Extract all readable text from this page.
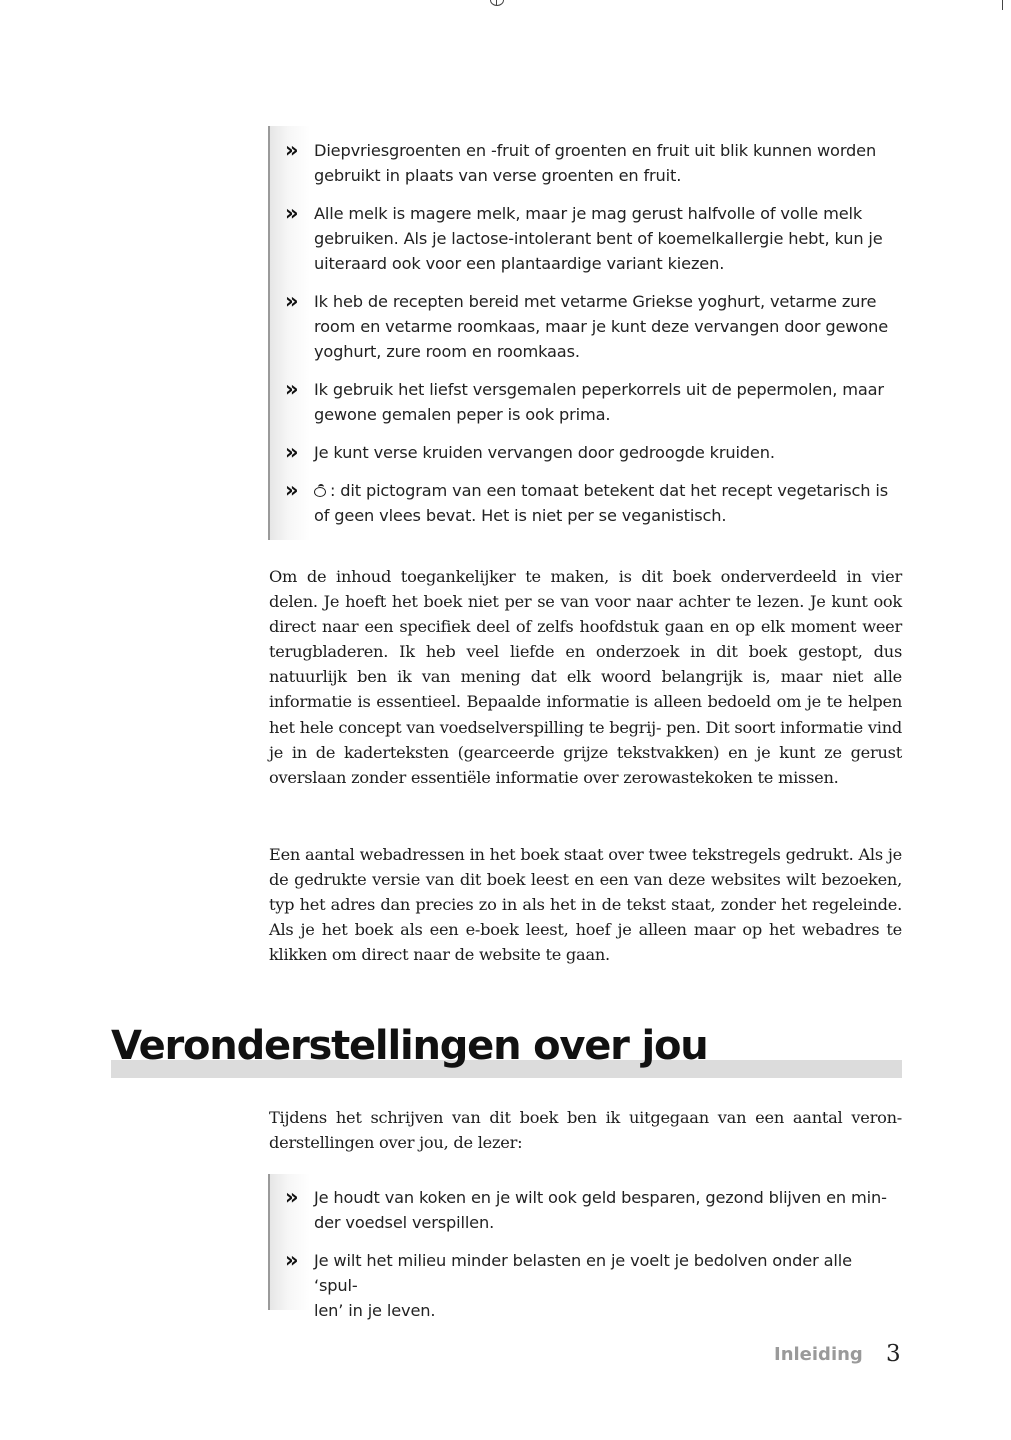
» Diepvriesgroenten en -fruit of groenten en fruit uit blik kunnen worden
gebruikt in plaats van verse groenten en fruit.
» Alle melk is magere melk, maar je mag gerust halfvolle of volle melk
gebruiken. Als je lactose-intolerant bent of koemelkallergie hebt, kun je
uiteraard ook voor een plantaardige variant kiezen.
» Ik heb de recepten bereid met vetarme Griekse yoghurt, vetarme zure
room en vetarme roomkaas, maar je kunt deze vervangen door gewone
yoghurt, zure room en roomkaas.
» Ik gebruik het liefst versgemalen peperkorrels uit de pepermolen, maar
gewone gemalen peper is ook prima.
» Je kunt verse kruiden vervangen door gedroogde kruiden.
» : dit pictogram van een tomaat betekent dat het recept vegetarisch is
of geen vlees bevat. Het is niet per se veganistisch.

Om de inhoud toegankelijker te maken, is dit boek onderverdeeld in vier delen. Je hoeft het boek niet per se van voor naar achter te lezen. Je kunt ook direct naar een specifiek deel of zelfs hoofdstuk gaan en op elk moment weer terugbladeren. Ik heb veel liefde en onderzoek in dit boek gestopt, dus natuurlijk ben ik van mening dat elk woord belangrijk is, maar niet alle informatie is essentieel. Bepaalde informatie is alleen bedoeld om je te helpen het hele concept van voedselverspilling te begrij- pen. Dit soort informatie vind je in de kaderteksten (gearceerde grijze tekstvakken) en je kunt ze gerust overslaan zonder essentiële informatie over zerowastekoken te missen.

Een aantal webadressen in het boek staat over twee tekstregels gedrukt. Als je de gedrukte versie van dit boek leest en een van deze websites wilt bezoeken, typ het adres dan precies zo in als het in de tekst staat, zonder het regeleinde. Als je het boek als een e-boek leest, hoef je alleen maar op het webadres te klikken om direct naar de website te gaan.

Veronderstellingen over jou

Tijdens het schrijven van dit boek ben ik uitgegaan van een aantal veron- derstellingen over jou, de lezer:

» Je houdt van koken en je wilt ook geld besparen, gezond blijven en min-
der voedsel verspillen.
» Je wilt het milieu minder belasten en je voelt je bedolven onder alle ‘spul-
len’ in je leven.
Inleiding 3
